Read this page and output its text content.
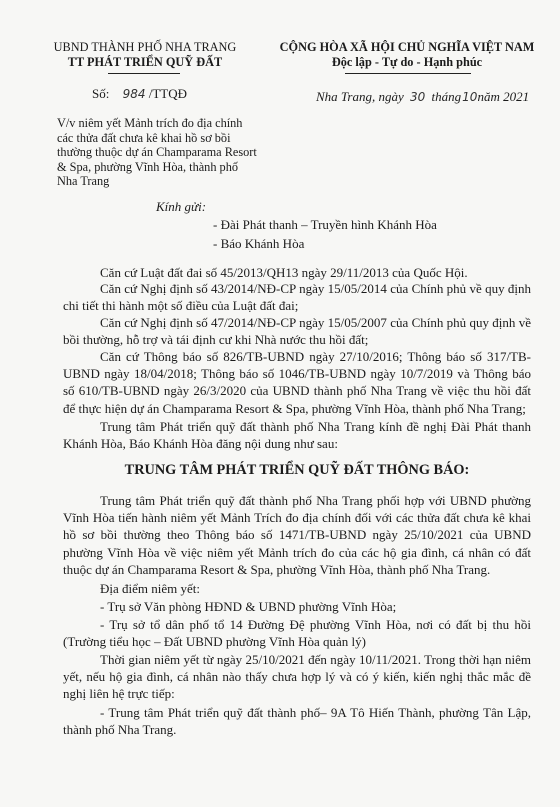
UBND THÀNH PHỐ NHA TRANG
TT PHÁT TRIỂN QUỸ ĐẤT
CỘNG HÒA XÃ HỘI CHỦ NGHĨA VIỆT NAM
Độc lập - Tự do - Hạnh phúc
Số: 984 /TTQĐ	Nha Trang, ngày 30 tháng10năm 2021
V/v niêm yết Mảnh trích đo địa chính
các thửa đất chưa kê khai hồ sơ bồi
thường thuộc dự án Champarama Resort
& Spa, phường Vĩnh Hòa, thành phố
Nha Trang
Kính gửi:
- Đài Phát thanh – Truyền hình Khánh Hòa
- Báo Khánh Hòa
Căn cứ Luật đất đai số 45/2013/QH13 ngày 29/11/2013 của Quốc Hội.
Căn cứ Nghị định số 43/2014/NĐ-CP ngày 15/05/2014 của Chính phủ về quy định chi tiết thi hành một số điều của Luật đất đai;
Căn cứ Nghị định số 47/2014/NĐ-CP ngày 15/05/2007 của Chính phủ quy định về bồi thường, hỗ trợ và tái định cư khi Nhà nước thu hồi đất;
Căn cứ Thông báo số 826/TB-UBND ngày 27/10/2016; Thông báo số 317/TB-UBND ngày 18/04/2018; Thông báo số 1046/TB-UBND ngày 10/7/2019 và Thông báo số 610/TB-UBND ngày 26/3/2020 của UBND thành phố Nha Trang về việc thu hồi đất để thực hiện dự án Champarama Resort & Spa, phường Vĩnh Hòa, thành phố Nha Trang;
Trung tâm Phát triển quỹ đất thành phố Nha Trang kính đề nghị Đài Phát thanh Khánh Hòa, Báo Khánh Hòa đăng nội dung như sau:
TRUNG TÂM PHÁT TRIỂN QUỸ ĐẤT THÔNG BÁO:
Trung tâm Phát triển quỹ đất thành phố Nha Trang phối hợp với UBND phường Vĩnh Hòa tiến hành niêm yết Mảnh Trích đo địa chính đối với các thửa đất chưa kê khai hồ sơ bồi thường theo Thông báo số 1471/TB-UBND ngày 25/10/2021 của UBND phường Vĩnh Hòa về việc niêm yết Mảnh trích đo của các hộ gia đình, cá nhân có đất thuộc dự án Champarama Resort & Spa, phường Vĩnh Hòa, thành phố Nha Trang.
Địa điểm niêm yết:
- Trụ sở Văn phòng HĐND & UBND phường Vĩnh Hòa;
- Trụ sở tổ dân phố tổ 14 Đường Đệ phường Vĩnh Hòa, nơi có đất bị thu hồi (Trường tiểu học – Đất UBND phường Vĩnh Hòa quản lý)
Thời gian niêm yết từ ngày 25/10/2021 đến ngày 10/11/2021. Trong thời hạn niêm yết, nếu hộ gia đình, cá nhân nào thấy chưa hợp lý và có ý kiến, kiến nghị thắc mắc đề nghị liên hệ trực tiếp:
- Trung tâm Phát triển quỹ đất thành phố– 9A Tô Hiến Thành, phường Tân Lập, thành phố Nha Trang.
